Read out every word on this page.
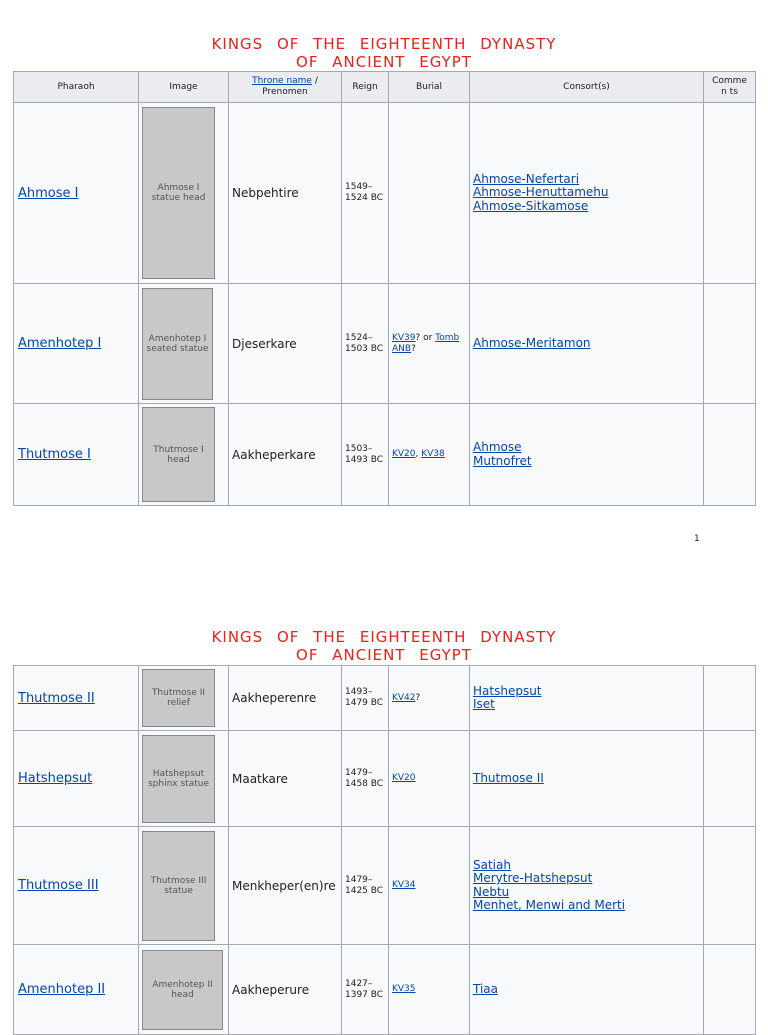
KINGS OF THE EIGHTEENTH DYNASTY
OF ANCIENT EGYPT
Pharaoh	Image	Throne name /
Prenomen	Reign	Burial	Consort(s)	Commen ts
Ahmose I	Ahmose I statue head	Nebpehtire	1549–
1524 BC		Ahmose-Nefertari
Ahmose-Henuttamehu
Ahmose-Sitkamose	

Amenhotep I	Amenhotep I seated statue	Djeserkare	1524–
1503 BC	KV39? or Tomb ANB?	Ahmose-Meritamon	

Thutmose I	Thutmose I head	Aakheperkare	1503–
1493 BC	KV20, KV38	Ahmose
Mutnofret	

1
KINGS OF THE EIGHTEENTH DYNASTY
OF ANCIENT EGYPT
Thutmose II	Thutmose II relief	Aakheperenre	1493–
1479 BC	KV42?	Hatshepsut
Iset	

Hatshepsut	Hatshepsut sphinx statue	Maatkare	1479–
1458 BC	KV20	Thutmose II	

Thutmose III	Thutmose III statue	Menkheper(en)re	1479–
1425 BC	KV34	Satiah
Merytre-Hatshepsut
Nebtu
Menhet, Menwi and Merti	

Amenhotep II	Amenhotep II head	Aakheperure	1427–
1397 BC	KV35	Tiaa	
